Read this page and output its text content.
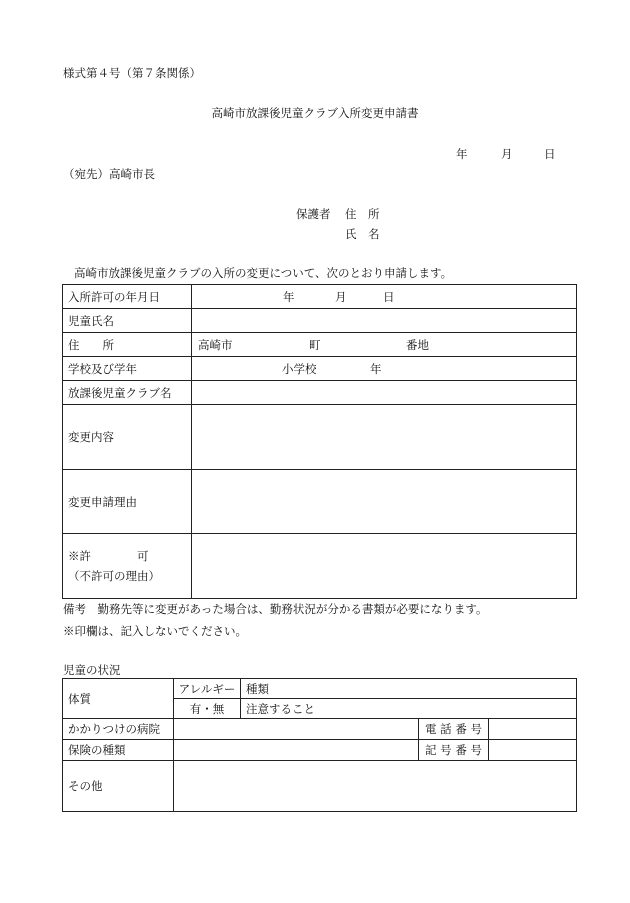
様式第４号（第７条関係）
高崎市放課後児童クラブ入所変更申請書
年	月	日
（宛先）高崎市長
保護者 住　所
氏　名
高崎市放課後児童クラブの入所の変更について、次のとおり申請します。
入所許可の年月日	年 月 日

児童氏名	
住　　所	高崎市 町 番地

学校及び学年	小学校 年

放課後児童クラブ名	
変更内容	
変更申請理由	

※許　　　　可
（不許可の理由）	

備考　勤務先等に変更があった場合は、勤務状況が分かる書類が必要になります。
※印欄は、記入しないでください。
児童の状況
体質	アレルギー	種類		
	有・無	注意すること		
かかりつけの病院			電 話 番 号	
保険の種類			記 号 番 号	
その他				
